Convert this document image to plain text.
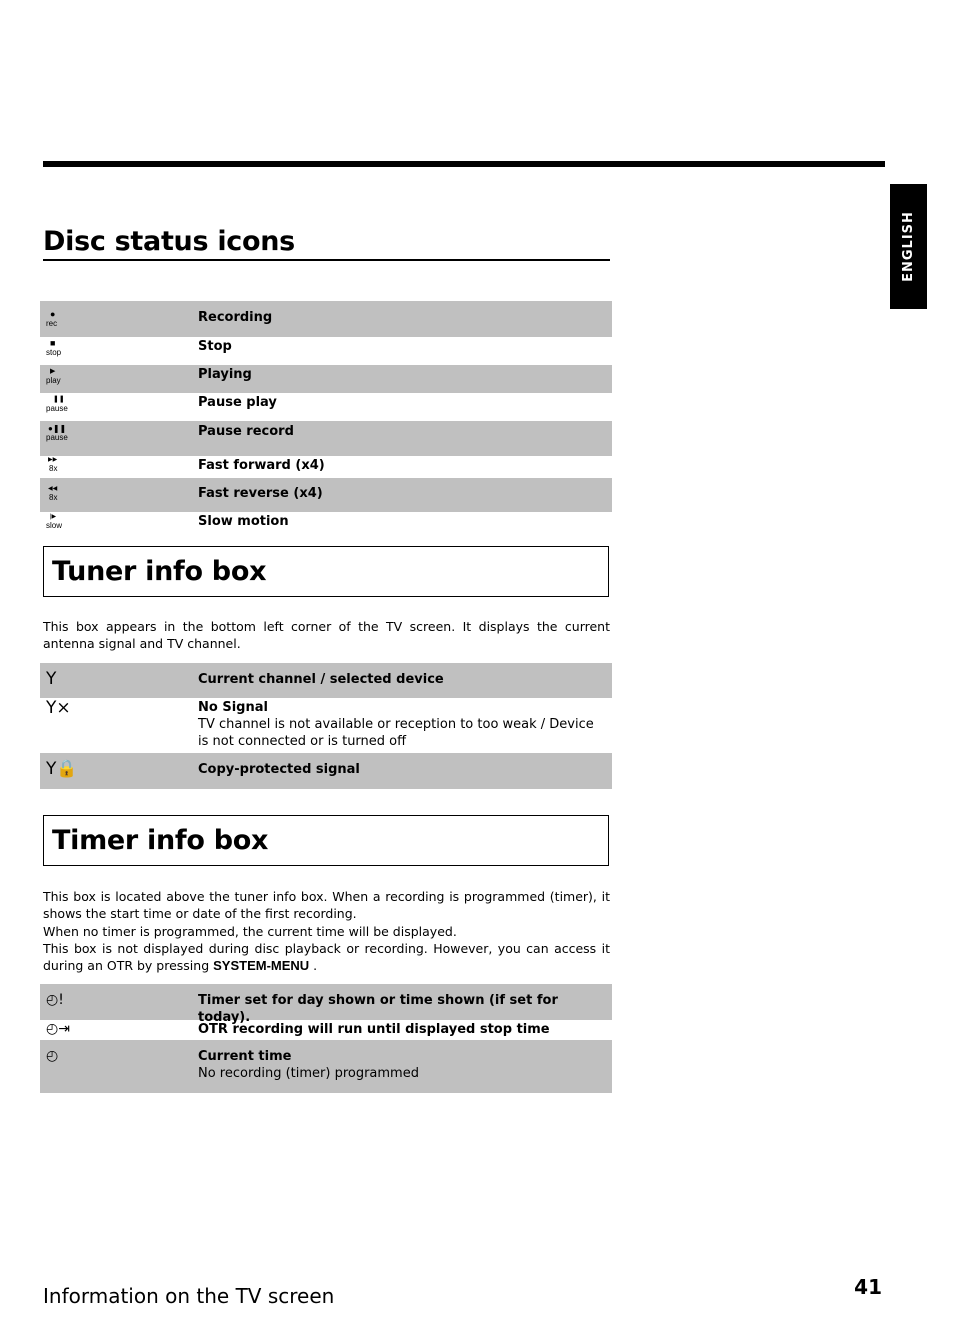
ENGLISH
Disc status icons
●
rec	Recording
■
stop	Stop
▶
play	Playing
❚❚
pause	Pause play
●❚❚
pause	Pause record
▶▶
8x	Fast forward (x4)
◀◀
8x	Fast reverse (x4)
|▶
slow	Slow motion
Tuner info box

This box appears in the bottom left corner of the TV screen. It displays the current antenna signal and TV channel.

Y	Current channel / selected device
Y×	No Signal
TV channel is not available or reception to too weak / Device is not connected or is turned off
Y🔒	Copy-protected signal
Timer info box

This box is located above the tuner info box. When a recording is programmed (timer), it shows the start time or date of the first recording.

When no timer is programmed, the current time will be displayed.

This box is not displayed during disc playback or recording. However, you can access it during an OTR by pressing SYSTEM-MENU .

◴!	Timer set for day shown or time shown (if set for today).
◴⇥	OTR recording will run until displayed stop time
◴	Current time
No recording (timer) programmed
Information on the TV screen	41
